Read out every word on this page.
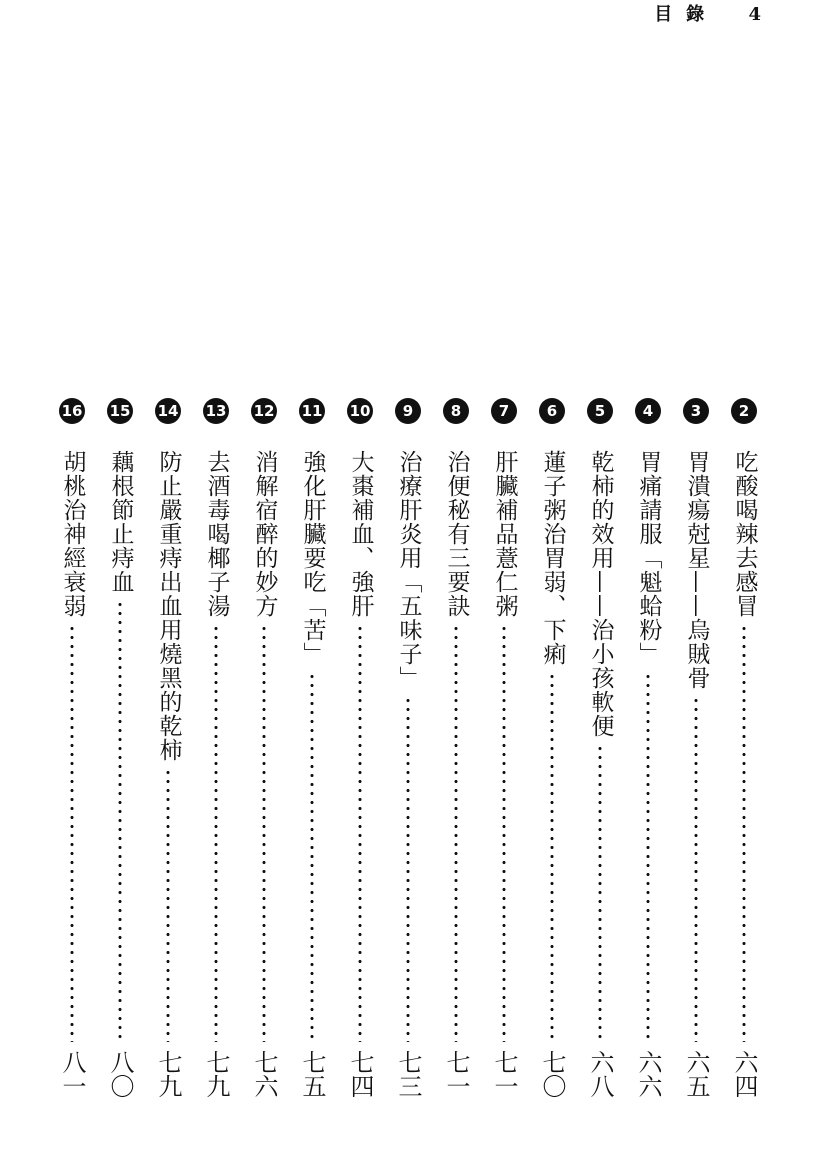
目錄 4
2
吃酸喝辣去感冒
六四
3
胃潰瘍尅星——烏賊骨
六五
4
胃痛請服「魁蛤粉」
六六
5
乾柿的效用——治小孩軟便
六八
6
蓮子粥治胃弱、下痢
七〇
7
肝臟補品薏仁粥
七一
8
治便秘有三要訣
七一
9
治療肝炎用「五味子」
七三
10
大棗補血、強肝
七四
11
強化肝臟要吃「苦」
七五
12
消解宿醉的妙方
七六
13
去酒毒喝椰子湯
七九
14
防止嚴重痔出血用燒黑的乾柿
七九
15
藕根節止痔血
八〇
16
胡桃治神經衰弱
八一
